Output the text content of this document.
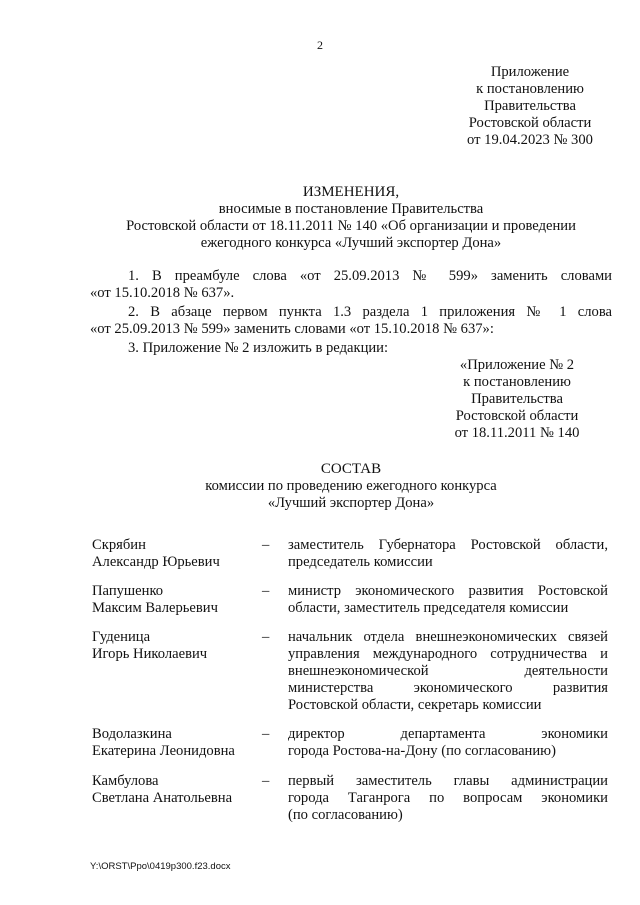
2
Приложение
к постановлению
Правительства
Ростовской области
от 19.04.2023 № 300
ИЗМЕНЕНИЯ,
вносимые в постановление Правительства
Ростовской области от 18.11.2011 № 140 «Об организации и проведении
ежегодного конкурса «Лучший экспортер Дона»
1. В преамбуле слова «от 25.09.2013 № 599» заменить словами
«от 15.10.2018 № 637».
2. В абзаце первом пункта 1.3 раздела 1 приложения № 1 слова
«от 25.09.2013 № 599» заменить словами «от 15.10.2018 № 637»:
3. Приложение № 2 изложить в редакции:
«Приложение № 2
к постановлению
Правительства
Ростовской области
от 18.11.2011 № 140
СОСТАВ
комиссии по проведению ежегодного конкурса
«Лучший экспортер Дона»
Скрябин
Александр Юрьевич
–	заместитель Губернатора Ростовской области,
председатель комиссии
Папушенко
Максим Валерьевич
–	министр экономического развития Ростовской
области, заместитель председателя комиссии
Гуденица
Игорь Николаевич
–	начальник отдела внешнеэкономических связей
управления международного сотрудничества и
внешнеэкономической деятельности
министерства экономического развития
Ростовской области, секретарь комиссии
Водолазкина
Екатерина Леонидовна
–	директор департамента экономики
города Ростова-на-Дону (по согласованию)
Камбулова
Светлана Анатольевна
–	первый заместитель главы администрации
города Таганрога по вопросам экономики
(по согласованию)
Y:\ORST\Ppo\0419p300.f23.docx
